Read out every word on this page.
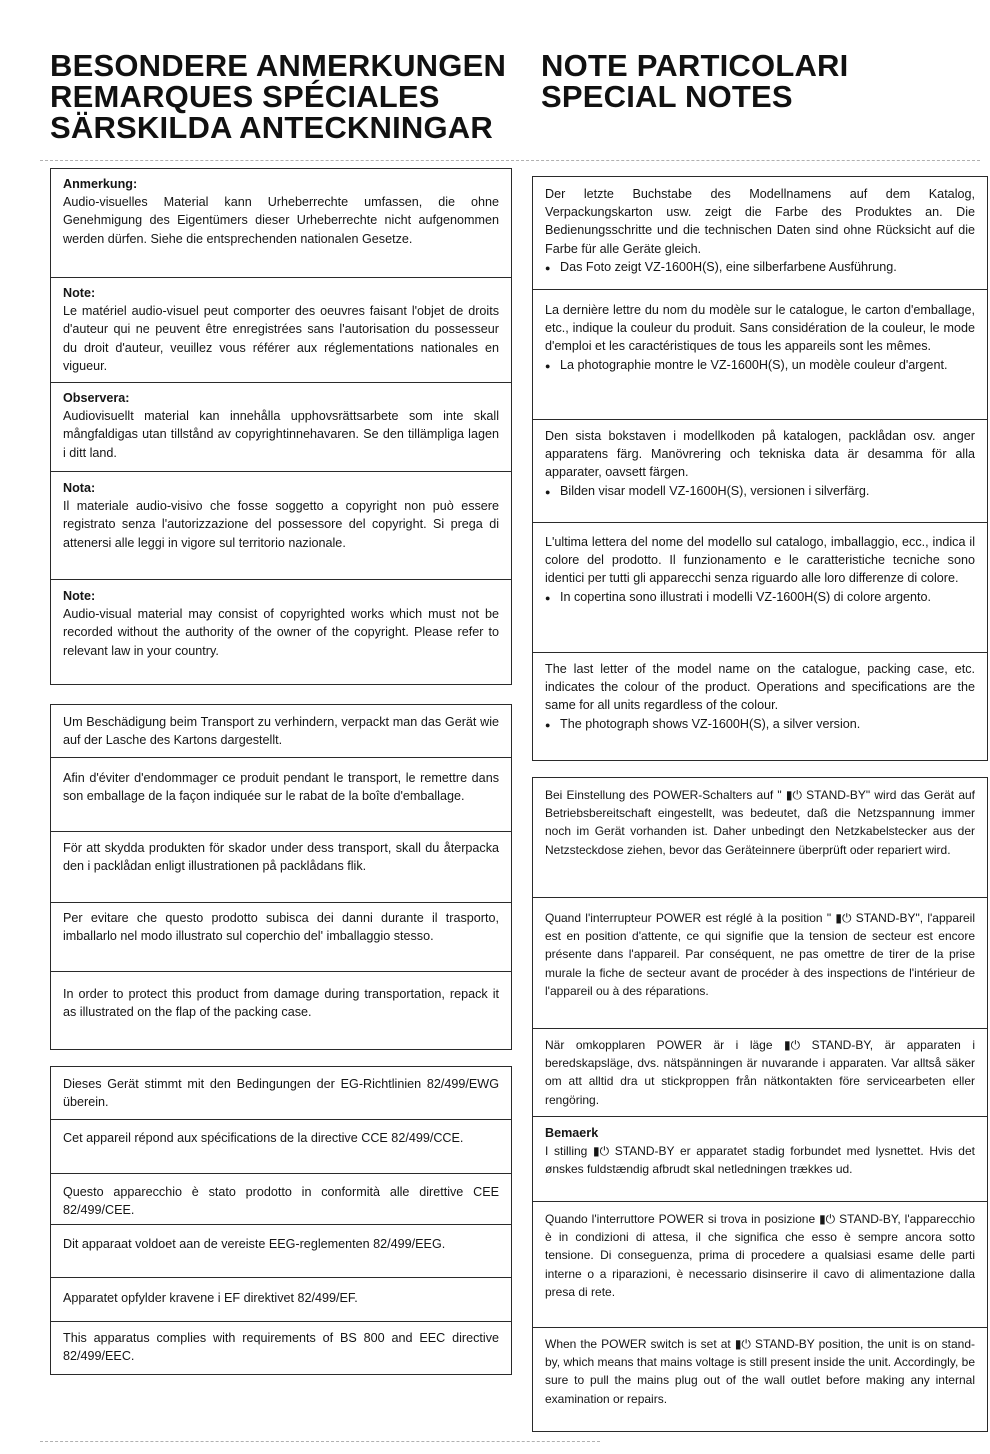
BESONDERE ANMERKUNGEN
REMARQUES SPÉCIALES
SÄRSKILDA ANTECKNINGAR
NOTE PARTICOLARI
SPECIAL NOTES
Anmerkung:
Audio-visuelles Material kann Urheberrechte umfassen, die ohne Genehmigung des Eigentümers dieser Urheberrechte nicht aufgenommen werden dürfen. Siehe die entsprechenden nationalen Gesetze.
Note:
Le matériel audio-visuel peut comporter des oeuvres faisant l'objet de droits d'auteur qui ne peuvent être enregistrées sans l'autorisation du possesseur du droit d'auteur, veuillez vous référer aux réglementations nationales en vigueur.
Observera:
Audiovisuellt material kan innehålla upphovsrättsarbete som inte skall mångfaldigas utan tillstånd av copyrightinnehavaren. Se den tillämpliga lagen i ditt land.
Nota:
Il materiale audio-visivo che fosse soggetto a copyright non può essere registrato senza l'autorizzazione del possessore del copyright. Si prega di attenersi alle leggi in vigore sul territorio nazionale.
Note:
Audio-visual material may consist of copyrighted works which must not be recorded without the authority of the owner of the copyright. Please refer to relevant law in your country.
Um Beschädigung beim Transport zu verhindern, verpackt man das Gerät wie auf der Lasche des Kartons dargestellt.
Afin d'éviter d'endommager ce produit pendant le transport, le remettre dans son emballage de la façon indiquée sur le rabat de la boîte d'emballage.
För att skydda produkten för skador under dess transport, skall du återpacka den i packlådan enligt illustrationen på packlådans flik.
Per evitare che questo prodotto subisca dei danni durante il trasporto, imballarlo nel modo illustrato sul coperchio del' imballaggio stesso.
In order to protect this product from damage during transportation, repack it as illustrated on the flap of the packing case.
Dieses Gerät stimmt mit den Bedingungen der EG-Richtlinien 82/499/EWG überein.
Cet appareil répond aux spécifications de la directive CCE 82/499/CCE.
Questo apparecchio è stato prodotto in conformità alle direttive CEE 82/499/CEE.
Dit apparaat voldoet aan de vereiste EEG-reglementen 82/499/EEG.
Apparatet opfylder kravene i EF direktivet 82/499/EF.
This apparatus complies with requirements of BS 800 and EEC directive 82/499/EEC.
Der letzte Buchstabe des Modellnamens auf dem Katalog, Verpackungskarton usw. zeigt die Farbe des Produktes an. Die Bedienungsschritte und die technischen Daten sind ohne Rücksicht auf die Farbe für alle Geräte gleich.
● Das Foto zeigt VZ-1600H(S), eine silberfarbene Ausführung.
La dernière lettre du nom du modèle sur le catalogue, le carton d'emballage, etc., indique la couleur du produit. Sans considération de la couleur, le mode d'emploi et les caractéristiques de tous les appareils sont les mêmes.
● La photographie montre le VZ-1600H(S), un modèle couleur d'argent.
Den sista bokstaven i modellkoden på katalogen, packlådan osv. anger apparatens färg. Manövrering och tekniska data är desamma för alla apparater, oavsett färgen.
● Bilden visar modell VZ-1600H(S), versionen i silverfärg.
L'ultima lettera del nome del modello sul catalogo, imballaggio, ecc., indica il colore del prodotto. Il funzionamento e le caratteristiche tecniche sono identici per tutti gli apparecchi senza riguardo alle loro differenze di colore.
● In copertina sono illustrati i modelli VZ-1600H(S) di colore argento.
The last letter of the model name on the catalogue, packing case, etc. indicates the colour of the product. Operations and specifications are the same for all units regardless of the colour.
● The photograph shows VZ-1600H(S), a silver version.
Bei Einstellung des POWER-Schalters auf " ▮⏻ STAND-BY" wird das Gerät auf Betriebsbereitschaft eingestellt, was bedeutet, daß die Netzspannung immer noch im Gerät vorhanden ist. Daher unbedingt den Netzkabelstecker aus der Netzsteckdose ziehen, bevor das Geräteinnere überprüft oder repariert wird.
Quand l'interrupteur POWER est réglé à la position " ▮⏻ STAND-BY", l'appareil est en position d'attente, ce qui signifie que la tension de secteur est encore présente dans l'appareil. Par conséquent, ne pas omettre de tirer de la prise murale la fiche de secteur avant de procéder à des inspections de l'intérieur de l'appareil ou à des réparations.
När omkopplaren POWER är i läge ▮⏻ STAND-BY, är apparaten i beredskapsläge, dvs. nätspänningen är nuvarande i apparaten. Var alltså säker om att alltid dra ut stickproppen från nätkontakten före servicearbeten eller rengöring.
Bemaerk
I stilling ▮⏻ STAND-BY er apparatet stadig forbundet med lysnettet. Hvis det ønskes fuldstændig afbrudt skal netledningen trækkes ud.
Quando l'interruttore POWER si trova in posizione ▮⏻ STAND-BY, l'apparecchio è in condizioni di attesa, il che significa che esso è sempre ancora sotto tensione. Di conseguenza, prima di procedere a qualsiasi esame delle parti interne o a riparazioni, è necessario disinserire il cavo di alimentazione dalla presa di rete.
When the POWER switch is set at ▮⏻ STAND-BY position, the unit is on stand-by, which means that mains voltage is still present inside the unit. Accordingly, be sure to pull the mains plug out of the wall outlet before making any internal examination or repairs.
